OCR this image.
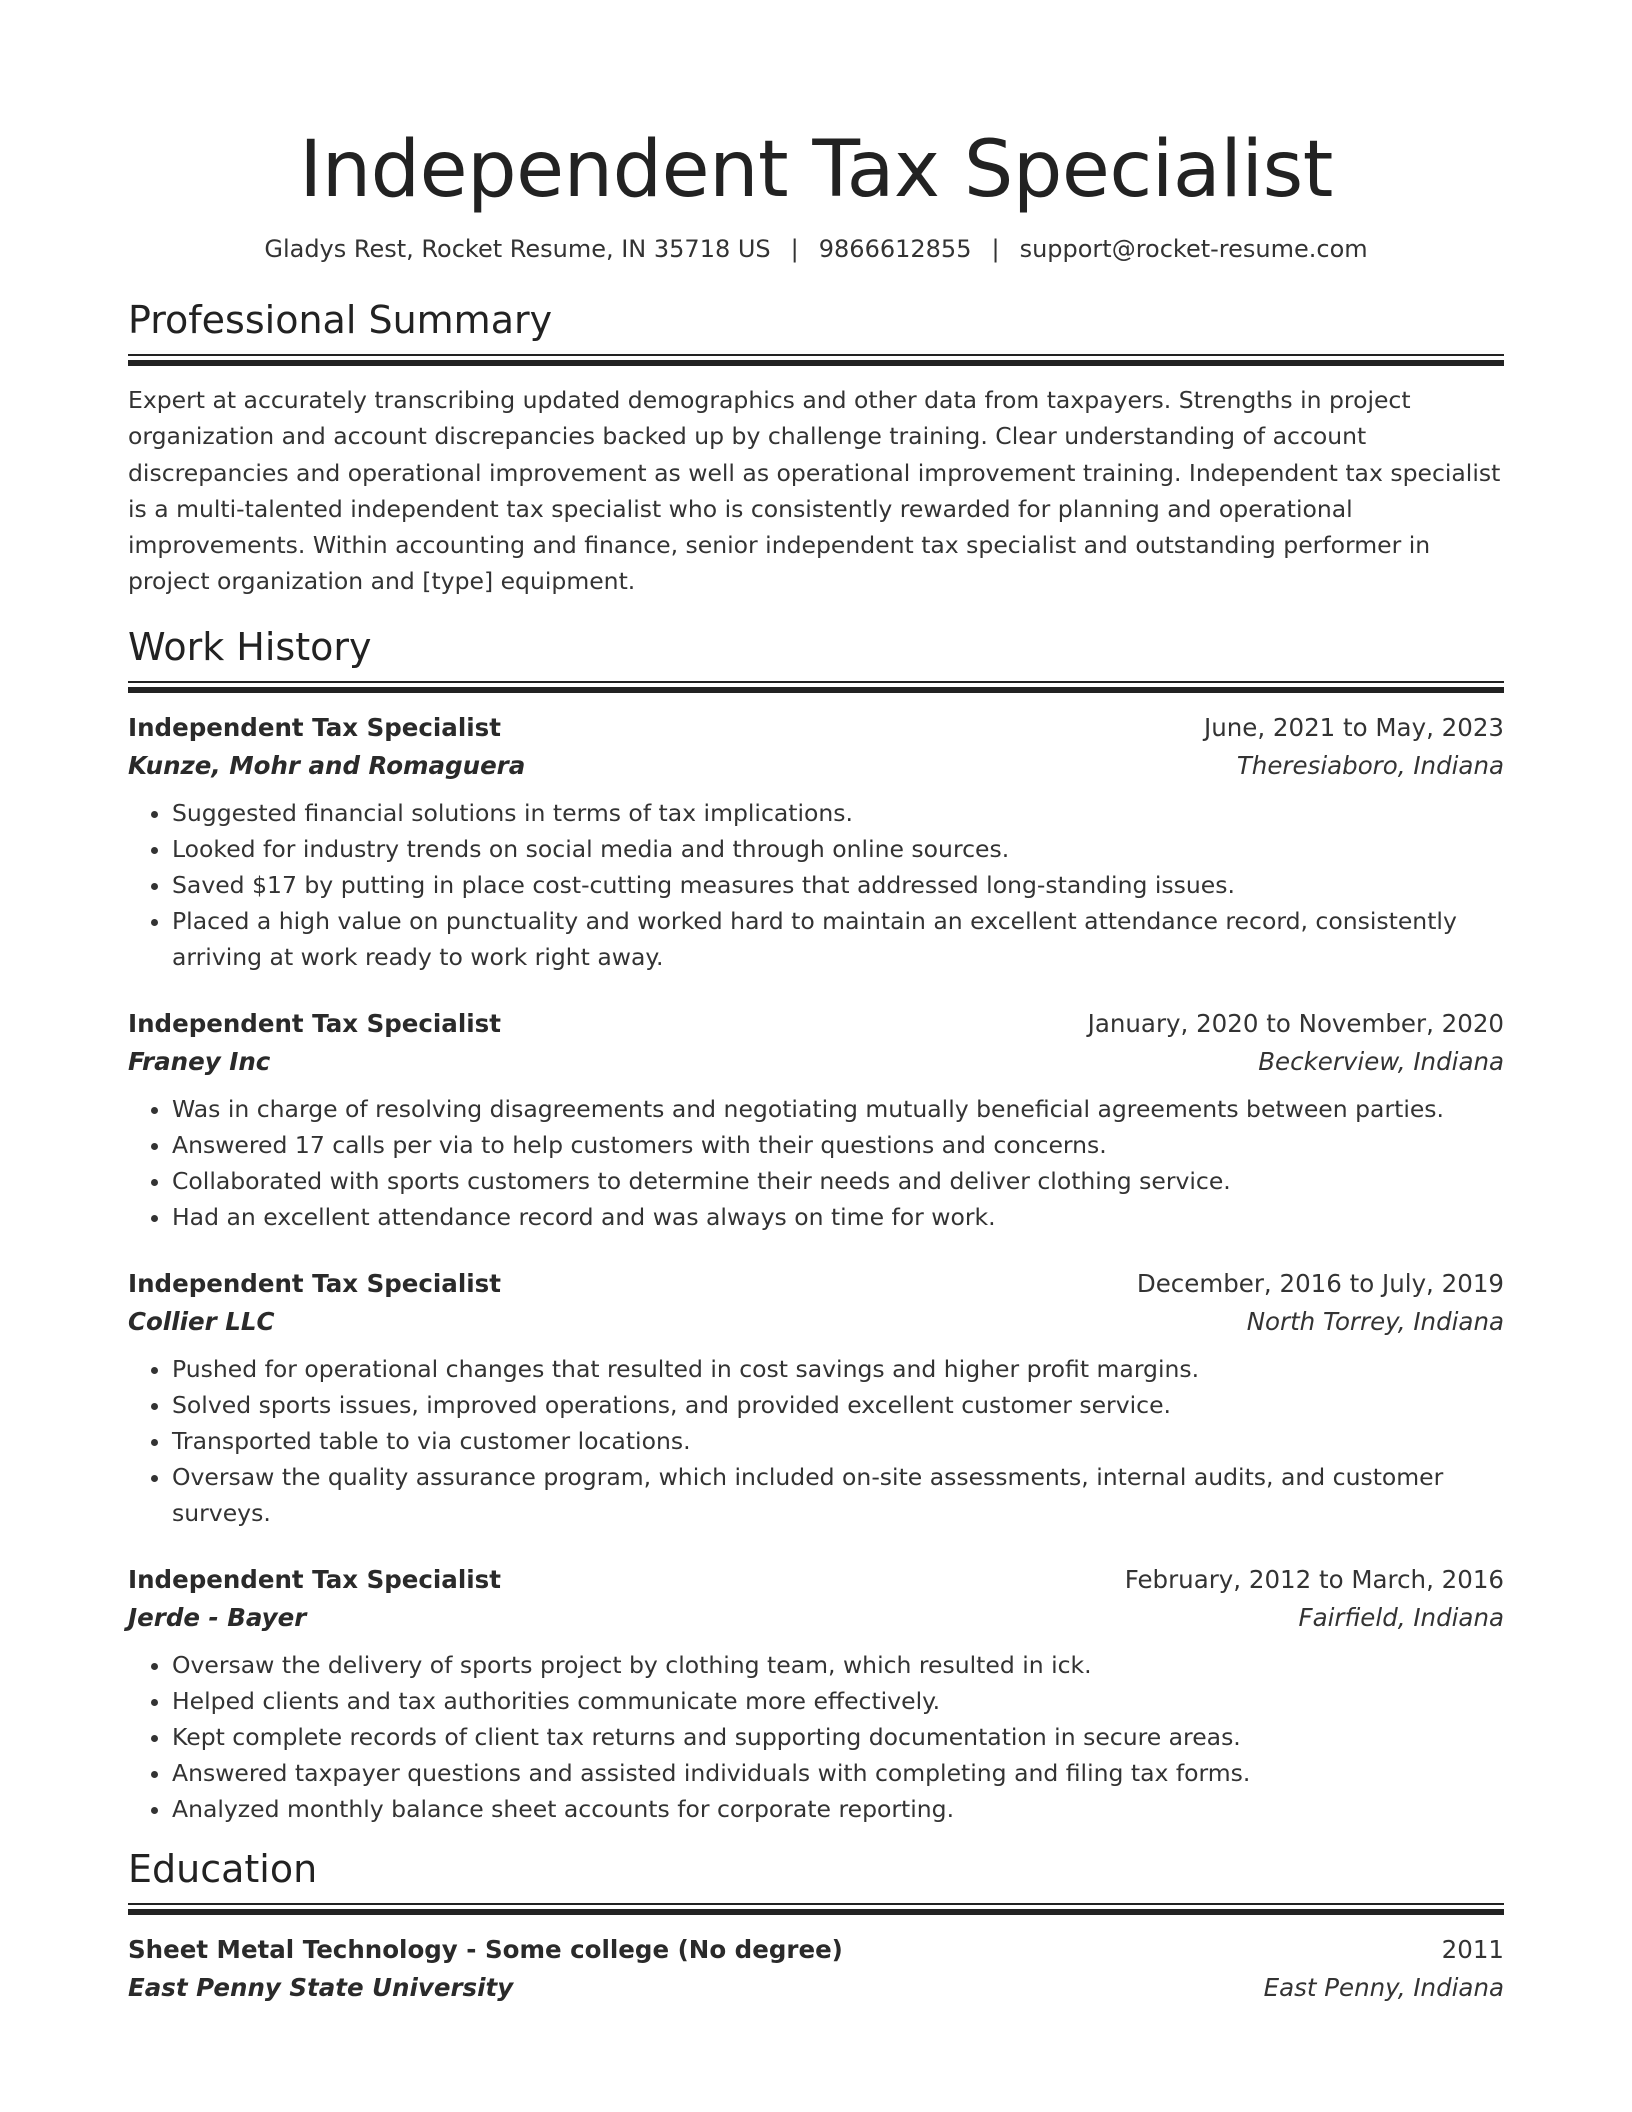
Independent Tax Specialist
Gladys Rest, Rocket Resume, IN 35718 US | 9866612855 | support@rocket-resume.com
Professional Summary

Expert at accurately transcribing updated demographics and other data from taxpayers. Strengths in project organization and account discrepancies backed up by challenge training. Clear understanding of account discrepancies and operational improvement as well as operational improvement training. Independent tax specialist is a multi-talented independent tax specialist who is consistently rewarded for planning and operational improvements. Within accounting and finance, senior independent tax specialist and outstanding performer in project organization and [type] equipment.

Work History
Independent Tax Specialist	June, 2021 to May, 2023
Kunze, Mohr and Romaguera	Theresiaboro, Indiana
• Suggested financial solutions in terms of tax implications.
• Looked for industry trends on social media and through online sources.
• Saved $17 by putting in place cost-cutting measures that addressed long-standing issues.
• Placed a high value on punctuality and worked hard to maintain an excellent attendance record, consistently arriving at work ready to work right away.
Independent Tax Specialist	January, 2020 to November, 2020
Franey Inc	Beckerview, Indiana
• Was in charge of resolving disagreements and negotiating mutually beneficial agreements between parties.
• Answered 17 calls per via to help customers with their questions and concerns.
• Collaborated with sports customers to determine their needs and deliver clothing service.
• Had an excellent attendance record and was always on time for work.
Independent Tax Specialist	December, 2016 to July, 2019
Collier LLC	North Torrey, Indiana
• Pushed for operational changes that resulted in cost savings and higher profit margins.
• Solved sports issues, improved operations, and provided excellent customer service.
• Transported table to via customer locations.
• Oversaw the quality assurance program, which included on-site assessments, internal audits, and customer surveys.
Independent Tax Specialist	February, 2012 to March, 2016
Jerde - Bayer	Fairfield, Indiana
• Oversaw the delivery of sports project by clothing team, which resulted in ick.
• Helped clients and tax authorities communicate more effectively.
• Kept complete records of client tax returns and supporting documentation in secure areas.
• Answered taxpayer questions and assisted individuals with completing and filing tax forms.
• Analyzed monthly balance sheet accounts for corporate reporting.
Education
Sheet Metal Technology - Some college (No degree)	2011
East Penny State University	East Penny, Indiana
